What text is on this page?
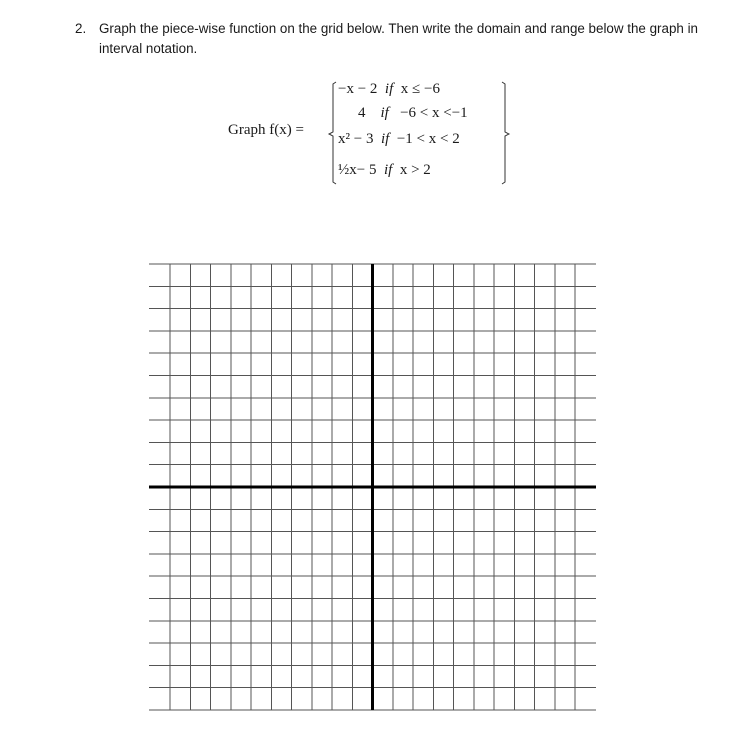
2. Graph the piece-wise function on the grid below. Then write the domain and range below the graph in interval notation.
Graph f(x) =
−x − 2 if x ≤ −6
4 if −6 < x <−1
x² − 3 if −1 < x < 2
½x− 5 if x > 2
